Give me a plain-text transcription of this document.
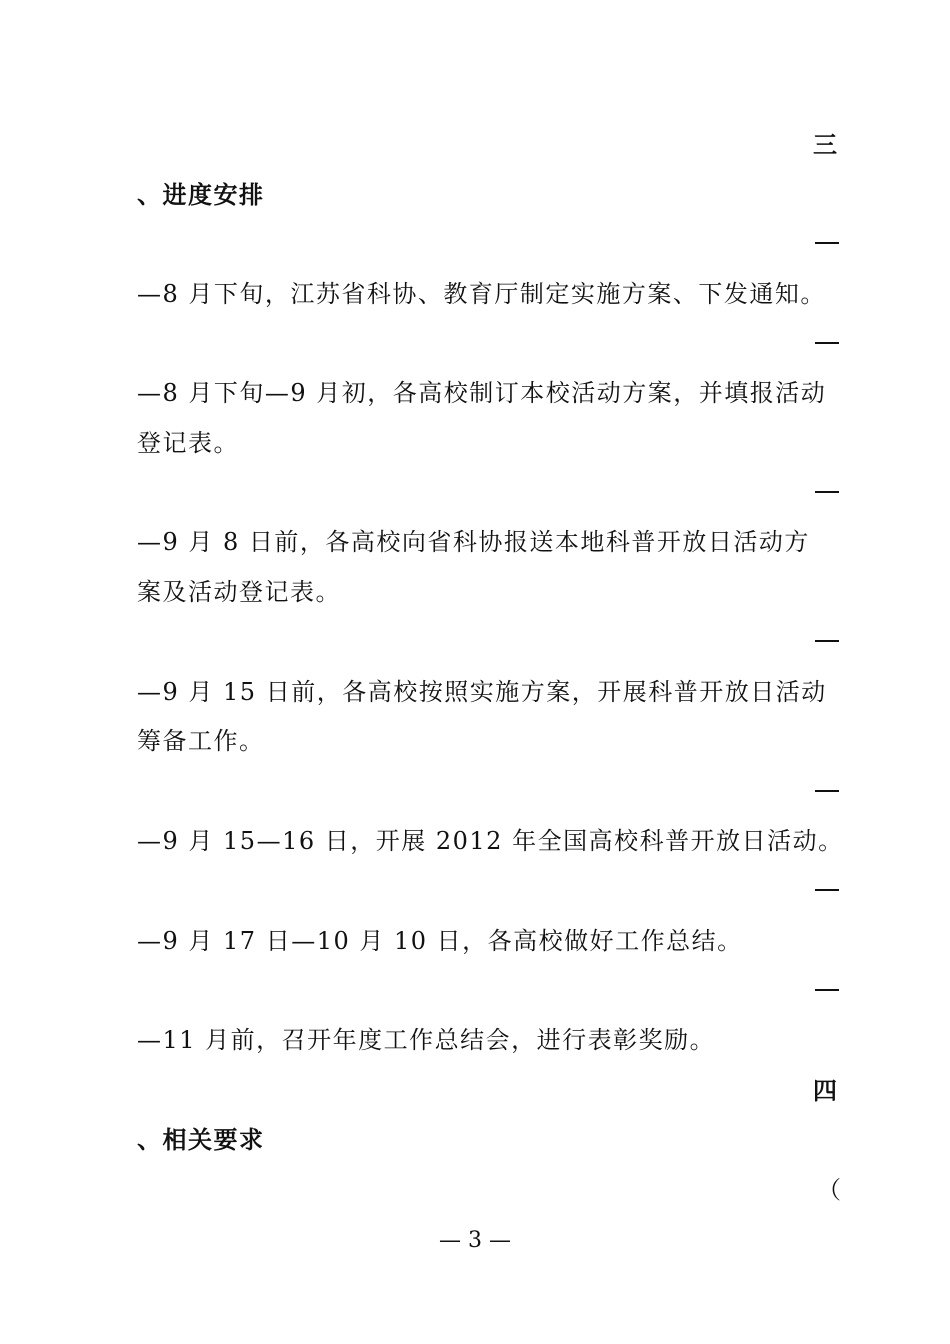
三
、进度安排
—8 月下旬，江苏省科协、教育厅制定实施方案、下发通知。
—8 月下旬—9 月初，各高校制订本校活动方案，并填报活动
登记表。
—9 月 8 日前，各高校向省科协报送本地科普开放日活动方
案及活动登记表。
—9 月 15 日前，各高校按照实施方案，开展科普开放日活动
筹备工作。
—9 月 15—16 日，开展 2012 年全国高校科普开放日活动。
—9 月 17 日—10 月 10 日，各高校做好工作总结。
—11 月前，召开年度工作总结会，进行表彰奖励。
四
、相关要求
（
— 3 —
